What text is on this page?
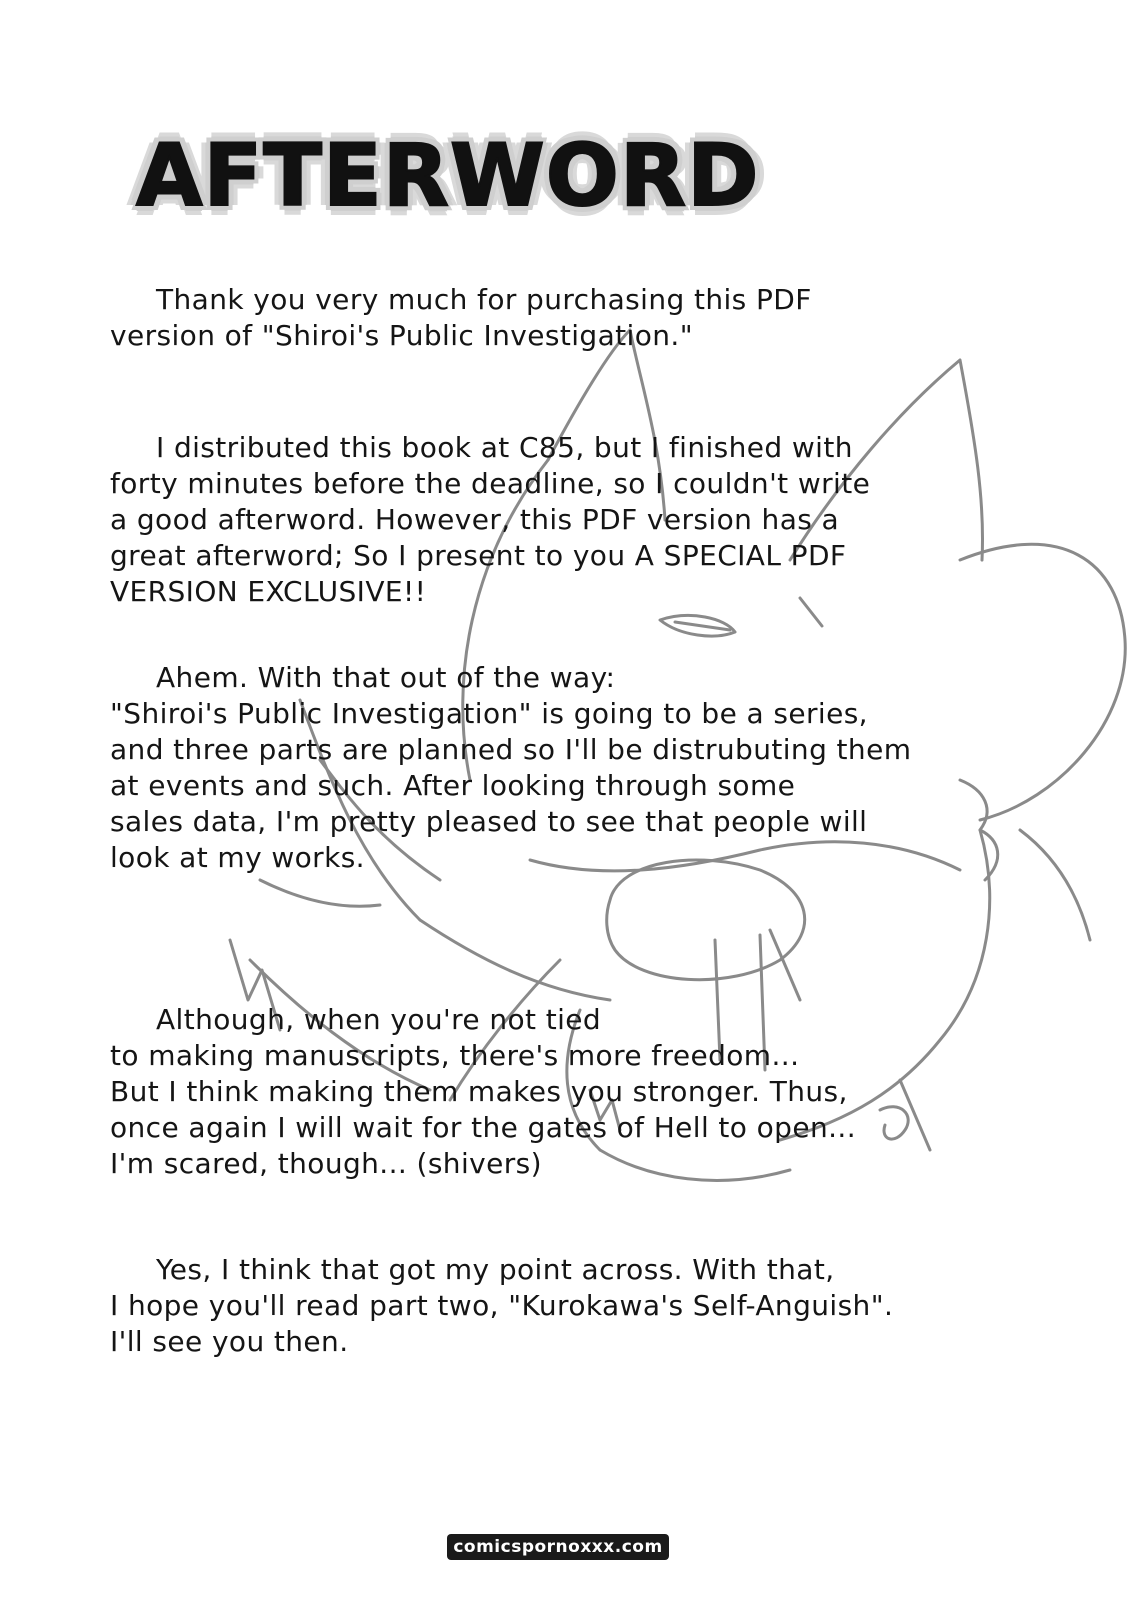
AFTERWORD

Thank you very much for purchasing this PDF
version of "Shiroi's Public Investigation."

I distributed this book at C85, but I finished with
forty minutes before the deadline, so I couldn't write
a good afterword. However, this PDF version has a
great afterword; So I present to you A SPECIAL PDF
VERSION EXCLUSIVE!!

Ahem. With that out of the way:
"Shiroi's Public Investigation" is going to be a series,
and three parts are planned so I'll be distrubuting them
at events and such. After looking through some
sales data, I'm pretty pleased to see that people will
look at my works.

Although, when you're not tied
to making manuscripts, there's more freedom...
But I think making them makes you stronger. Thus,
once again I will wait for the gates of Hell to open...
I'm scared, though... (shivers)

Yes, I think that got my point across. With that,
I hope you'll read part two, "Kurokawa's Self-Anguish".
I'll see you then.

comicspornoxxx.com
